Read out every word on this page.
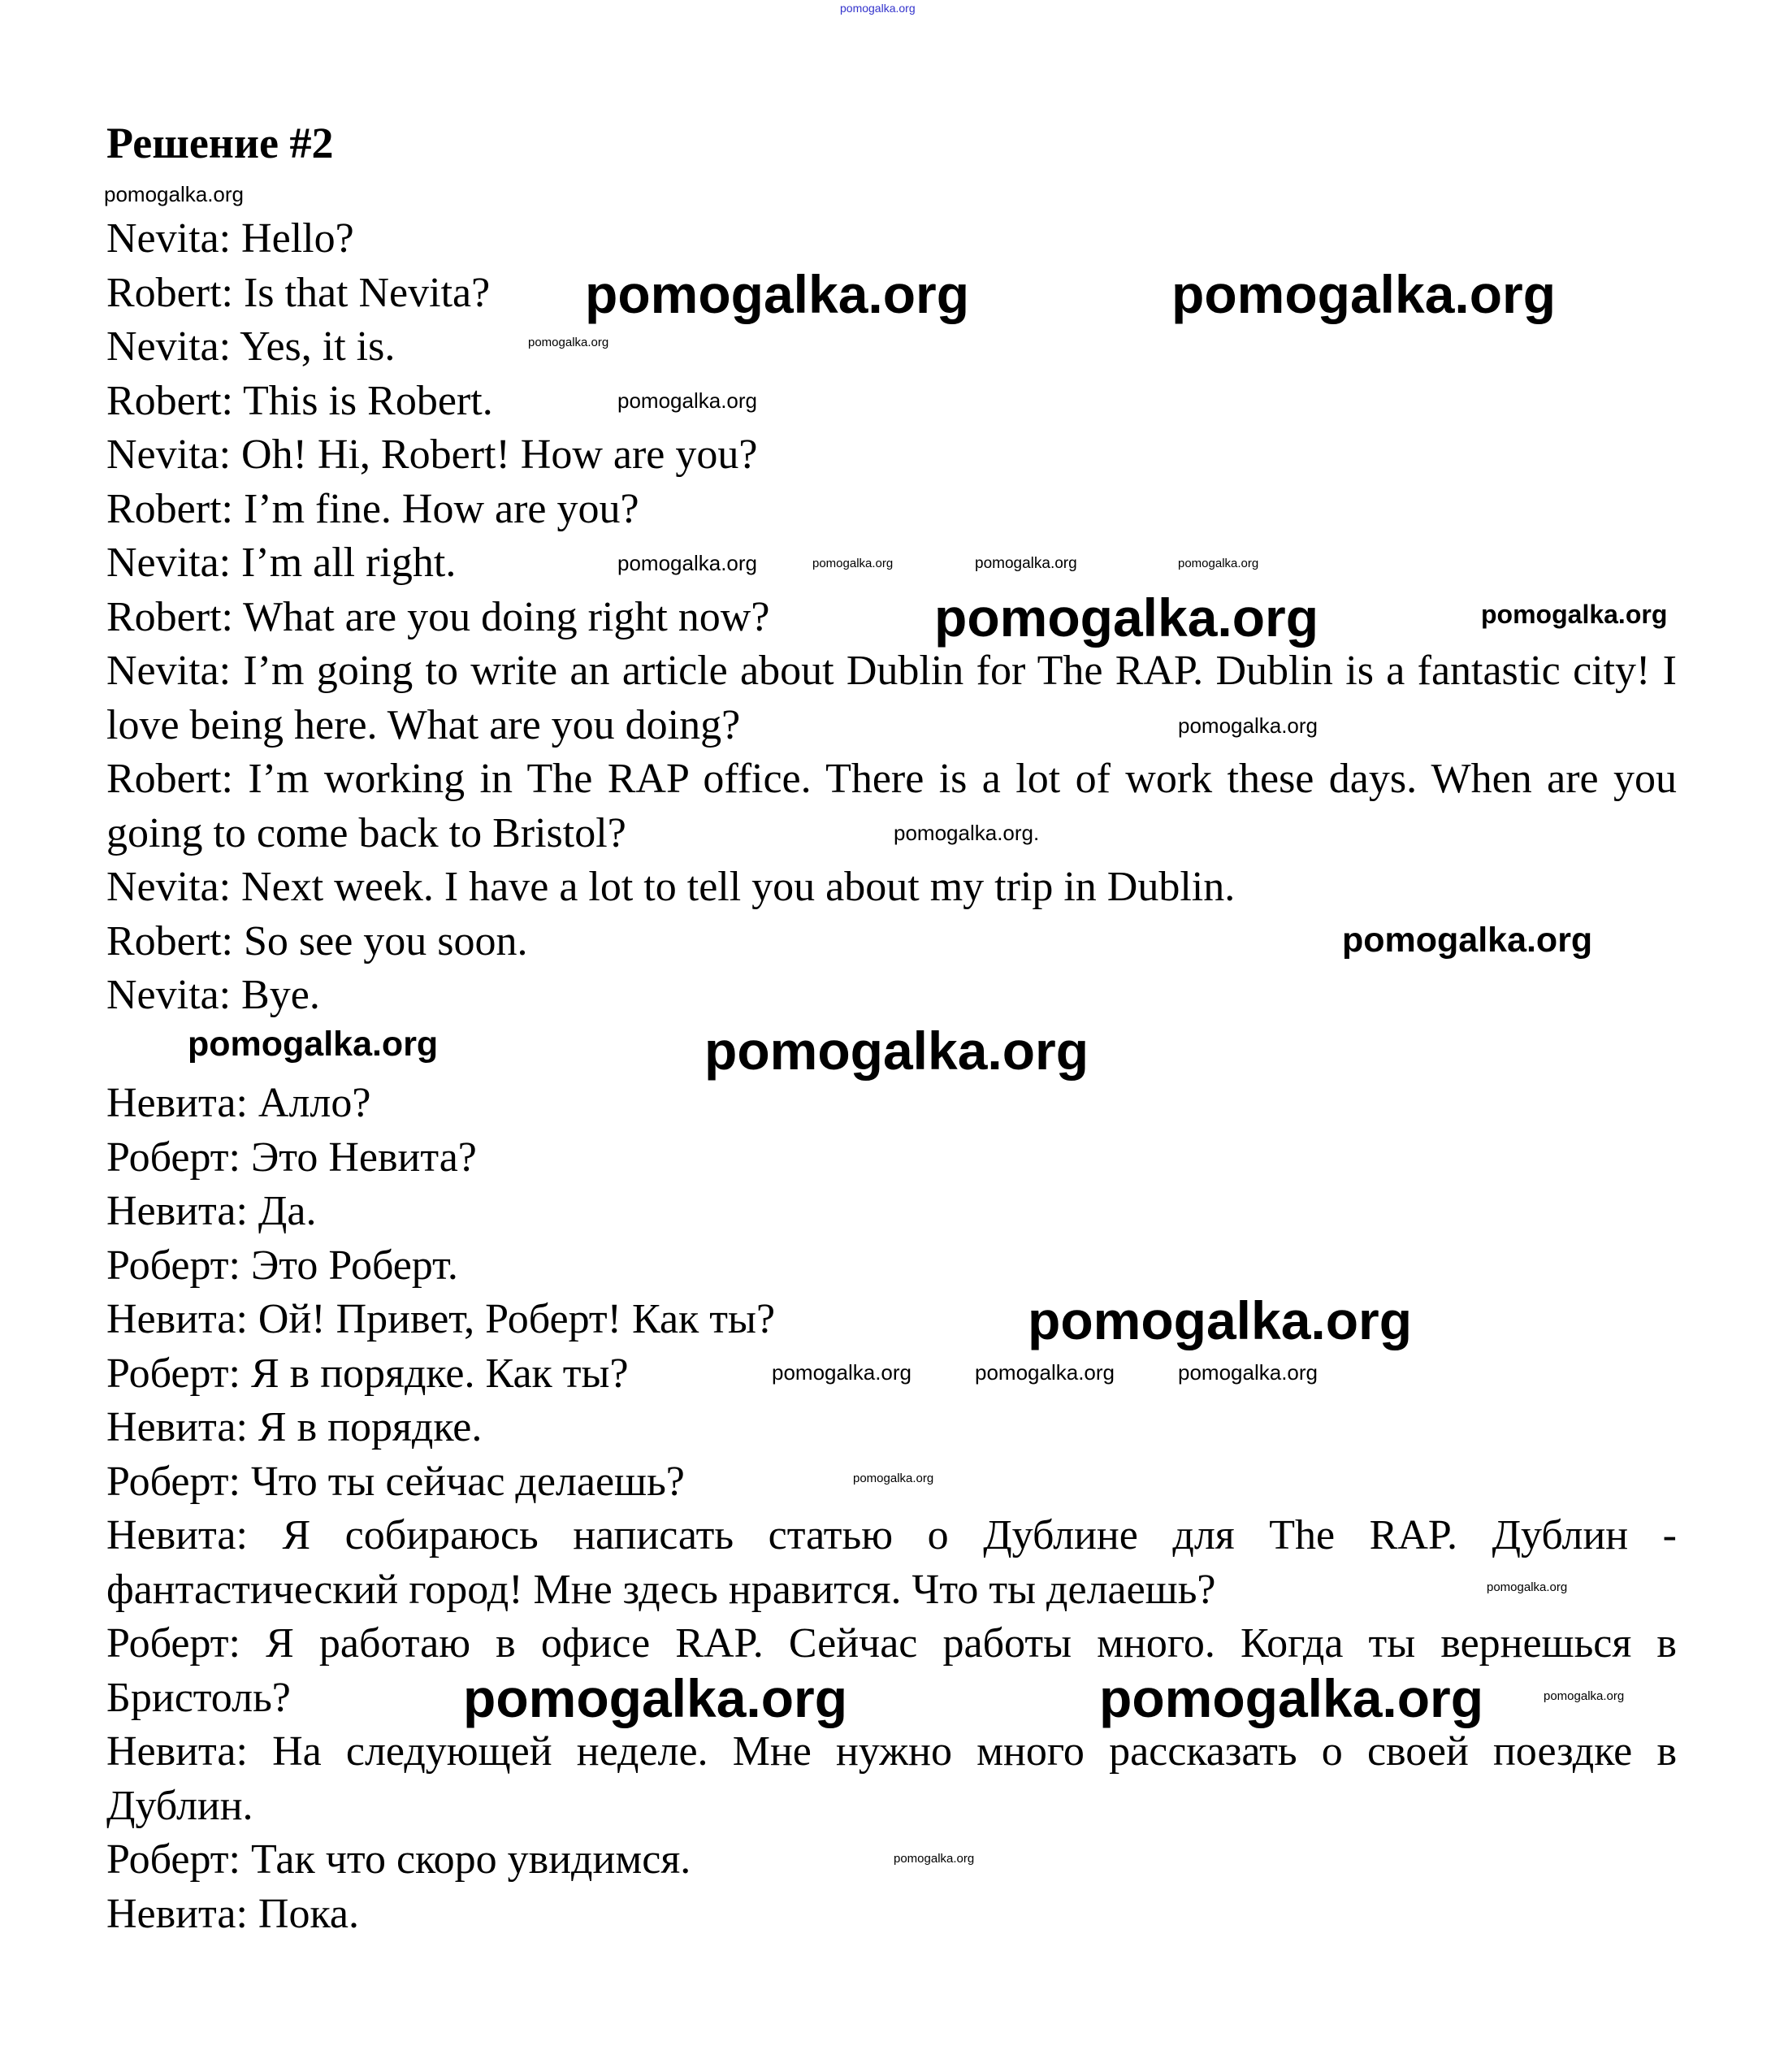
pomogalka.org
Решение #2

Nevita: Hello?

Robert: Is that Nevita?

Nevita: Yes, it is.

Robert: This is Robert.

Nevita: Oh! Hi, Robert! How are you?

Robert: I’m fine. How are you?

Nevita: I’m all right.

Robert: What are you doing right now?

Nevita: I’m going to write an article about Dublin for The RAP. Dublin is a fantastic city! I love being here. What are you doing?

Robert: I’m working in The RAP office. There is a lot of work these days. When are you going to come back to Bristol?

Nevita: Next week. I have a lot to tell you about my trip in Dublin.

Robert: So see you soon.

Nevita: Bye.

Невита: Алло?

Роберт: Это Невита?

Невита: Да.

Роберт: Это Роберт.

Невита: Ой! Привет, Роберт! Как ты?

Роберт: Я в порядке. Как ты?

Невита: Я в порядке.

Роберт: Что ты сейчас делаешь?

Невита: Я собираюсь написать статью о Дублине для The RAP. Дублин - фантастический город! Мне здесь нравится. Что ты делаешь?

Роберт: Я работаю в офисе RAP. Сейчас работы много. Когда ты вернешься в Бристоль?

Невита: На следующей неделе. Мне нужно много рассказать о своей поездке в Дублин.

Роберт: Так что скоро увидимся.

Невита: Пока.

pomogalka.org	pomogalka.org
pomogalka.org
pomogalka.org
pomogalka.org
pomogalka.org	pomogalka.org
pomogalka.org
pomogalka.org
pomogalka.org
pomogalka.org
pomogalka.org
pomogalka.org
pomogalka.org.
pomogalka.org
pomogalka.org	pomogalka.org	pomogalka.org
pomogalka.org
pomogalka.org	pomogalka.org
pomogalka.org
pomogalka.org
pomogalka.org
pomogalka.org
pomogalka.org
